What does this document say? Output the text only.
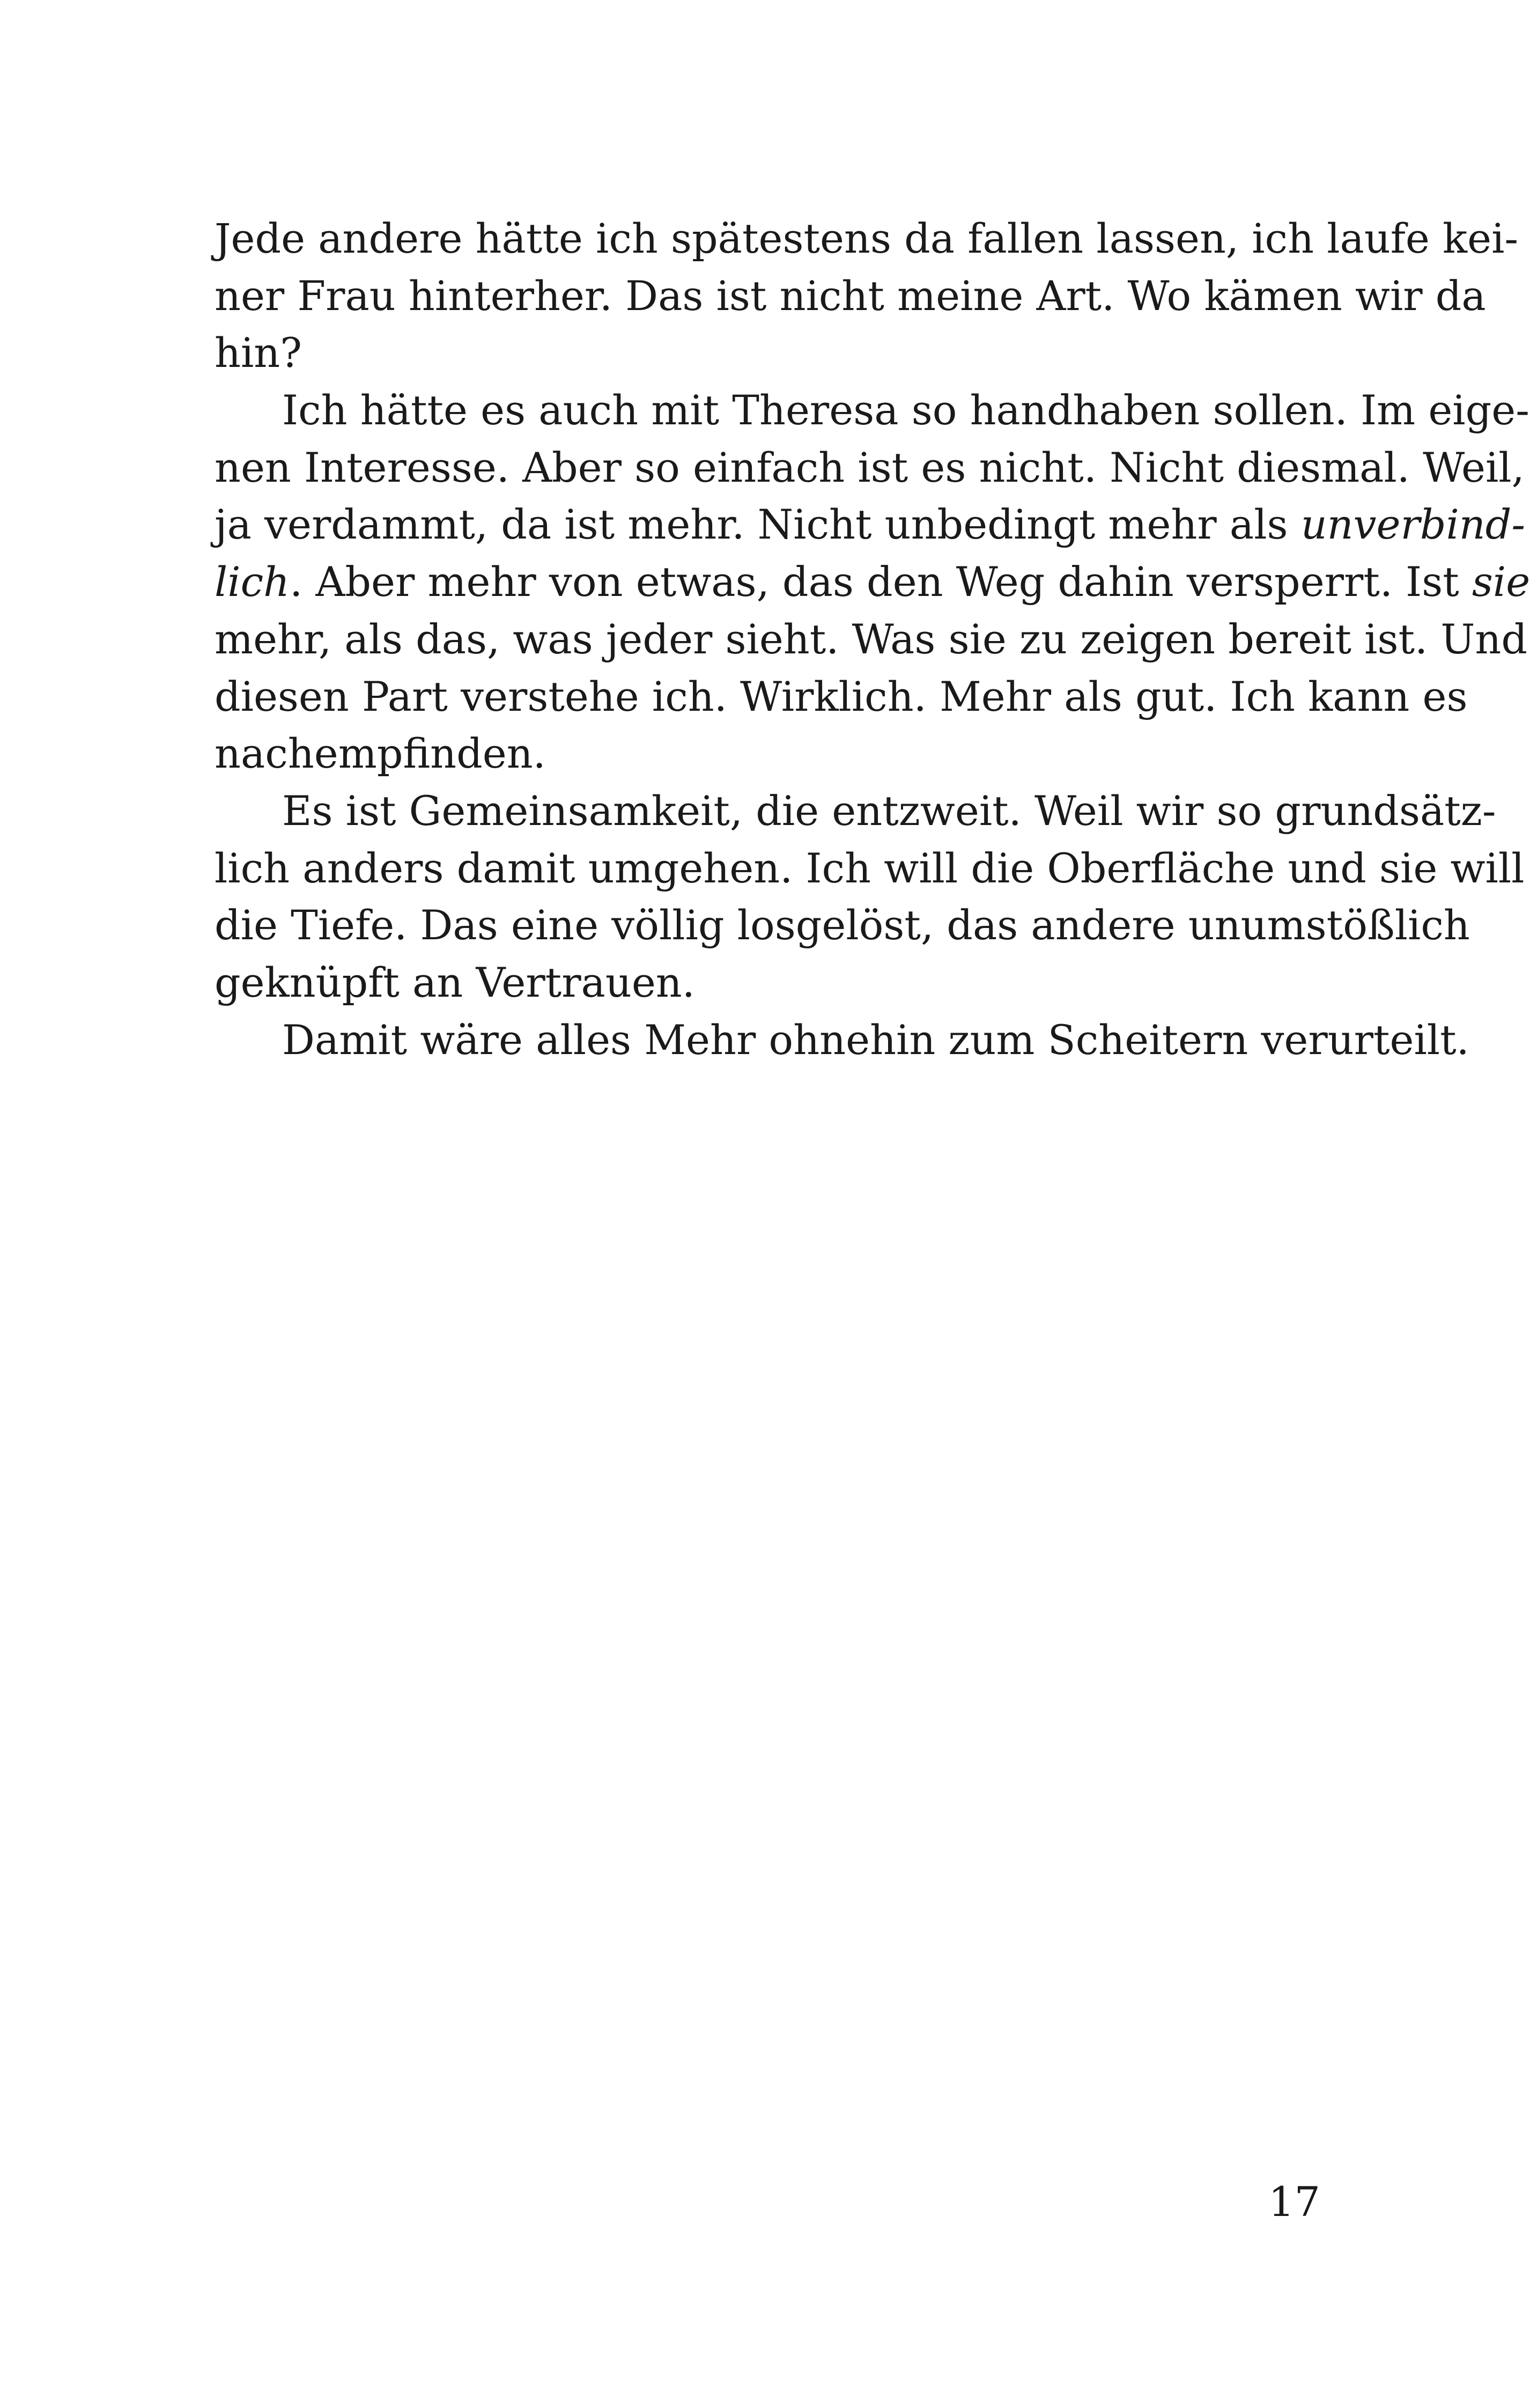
Jede andere hätte ich spätestens da fallen lassen, ich laufe kei-
ner Frau hinterher. Das ist nicht meine Art. Wo kämen wir da
hin?
Ich hätte es auch mit Theresa so handhaben sollen. Im eige-
nen Interesse. Aber so einfach ist es nicht. Nicht diesmal. Weil,
ja verdammt, da ist mehr. Nicht unbedingt mehr als unverbind-
lich. Aber mehr von etwas, das den Weg dahin versperrt. Ist sie
mehr, als das, was jeder sieht. Was sie zu zeigen bereit ist. Und
diesen Part verstehe ich. Wirklich. Mehr als gut. Ich kann es
nachempfinden.
Es ist Gemeinsamkeit, die entzweit. Weil wir so grundsätz-
lich anders damit umgehen. Ich will die Oberfläche und sie will
die Tiefe. Das eine völlig losgelöst, das andere unumstößlich
geknüpft an Vertrauen.
Damit wäre alles Mehr ohnehin zum Scheitern verurteilt.
17
